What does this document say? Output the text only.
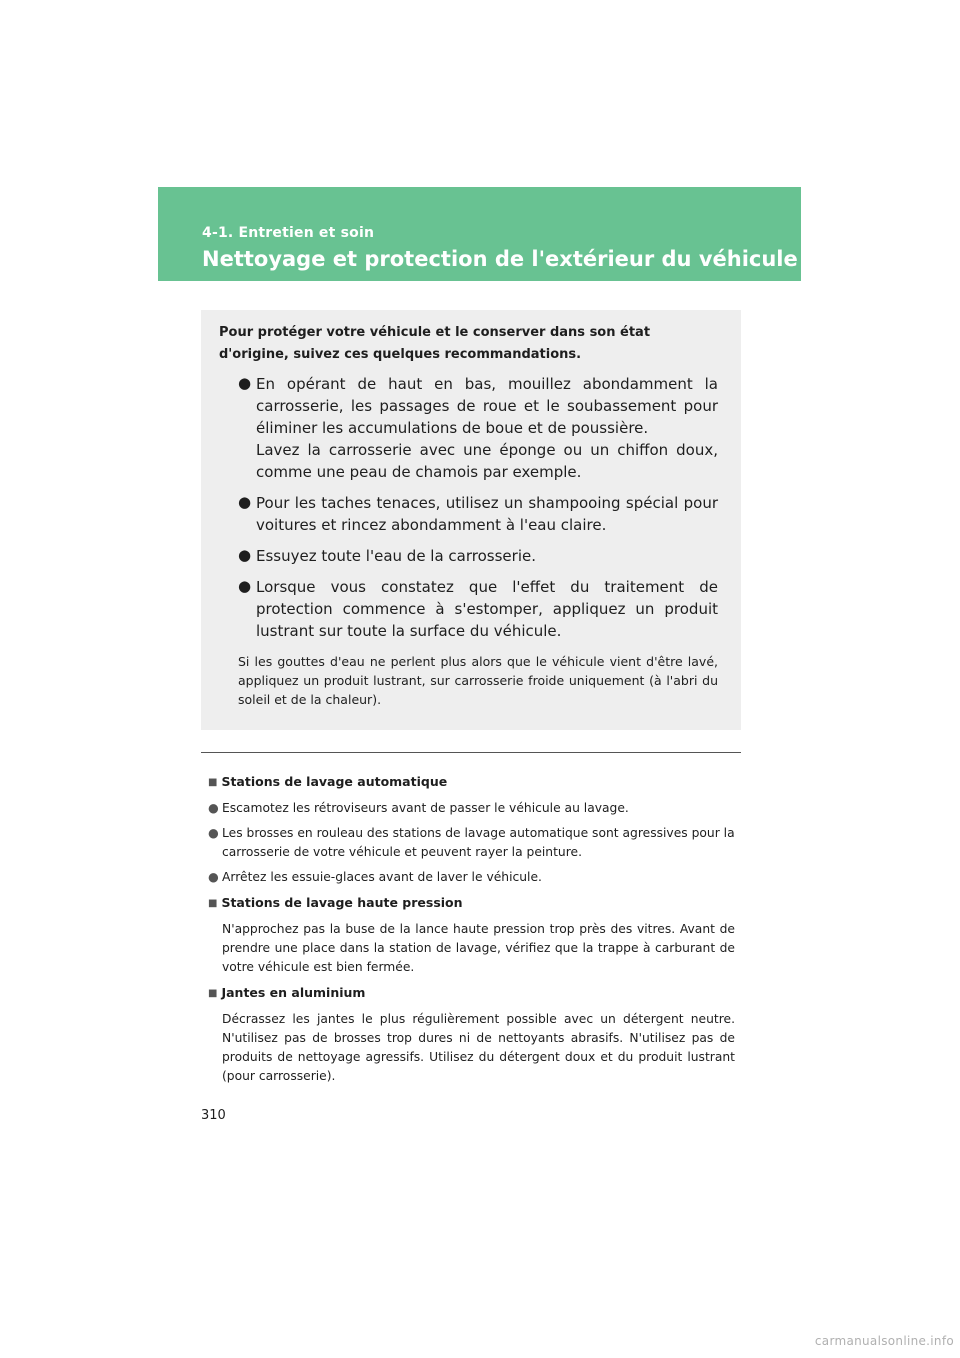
4-1. Entretien et soin
Nettoyage et protection de l'extérieur du véhicule

Pour protéger votre véhicule et le conserver dans son état d'origine, suivez ces quelques recommandations.

● En opérant de haut en bas, mouillez abondamment la carrosserie, les passages de roue et le soubassement pour éliminer les accumulations de boue et de poussière.
Lavez la carrosserie avec une éponge ou un chiffon doux, comme une peau de chamois par exemple.
● Pour les taches tenaces, utilisez un shampooing spécial pour voitures et rincez abondamment à l'eau claire.
● Essuyez toute l'eau de la carrosserie.
● Lorsque vous constatez que l'effet du traitement de protection commence à s'estomper, appliquez un produit lustrant sur toute la surface du véhicule.

Si les gouttes d'eau ne perlent plus alors que le véhicule vient d'être lavé, appliquez un produit lustrant, sur carrosserie froide uniquement (à l'abri du soleil et de la chaleur).

■ Stations de lavage automatique
● Escamotez les rétroviseurs avant de passer le véhicule au lavage.
● Les brosses en rouleau des stations de lavage automatique sont agressives pour la carrosserie de votre véhicule et peuvent rayer la peinture.
● Arrêtez les essuie-glaces avant de laver le véhicule.
■ Stations de lavage haute pression

N'approchez pas la buse de la lance haute pression trop près des vitres. Avant de prendre une place dans la station de lavage, vérifiez que la trappe à carburant de votre véhicule est bien fermée.

■ Jantes en aluminium

Décrassez les jantes le plus régulièrement possible avec un détergent neutre. N'utilisez pas de brosses trop dures ni de nettoyants abrasifs. N'utilisez pas de produits de nettoyage agressifs. Utilisez du détergent doux et du produit lustrant (pour carrosserie).

310
carmanualsonline.info
